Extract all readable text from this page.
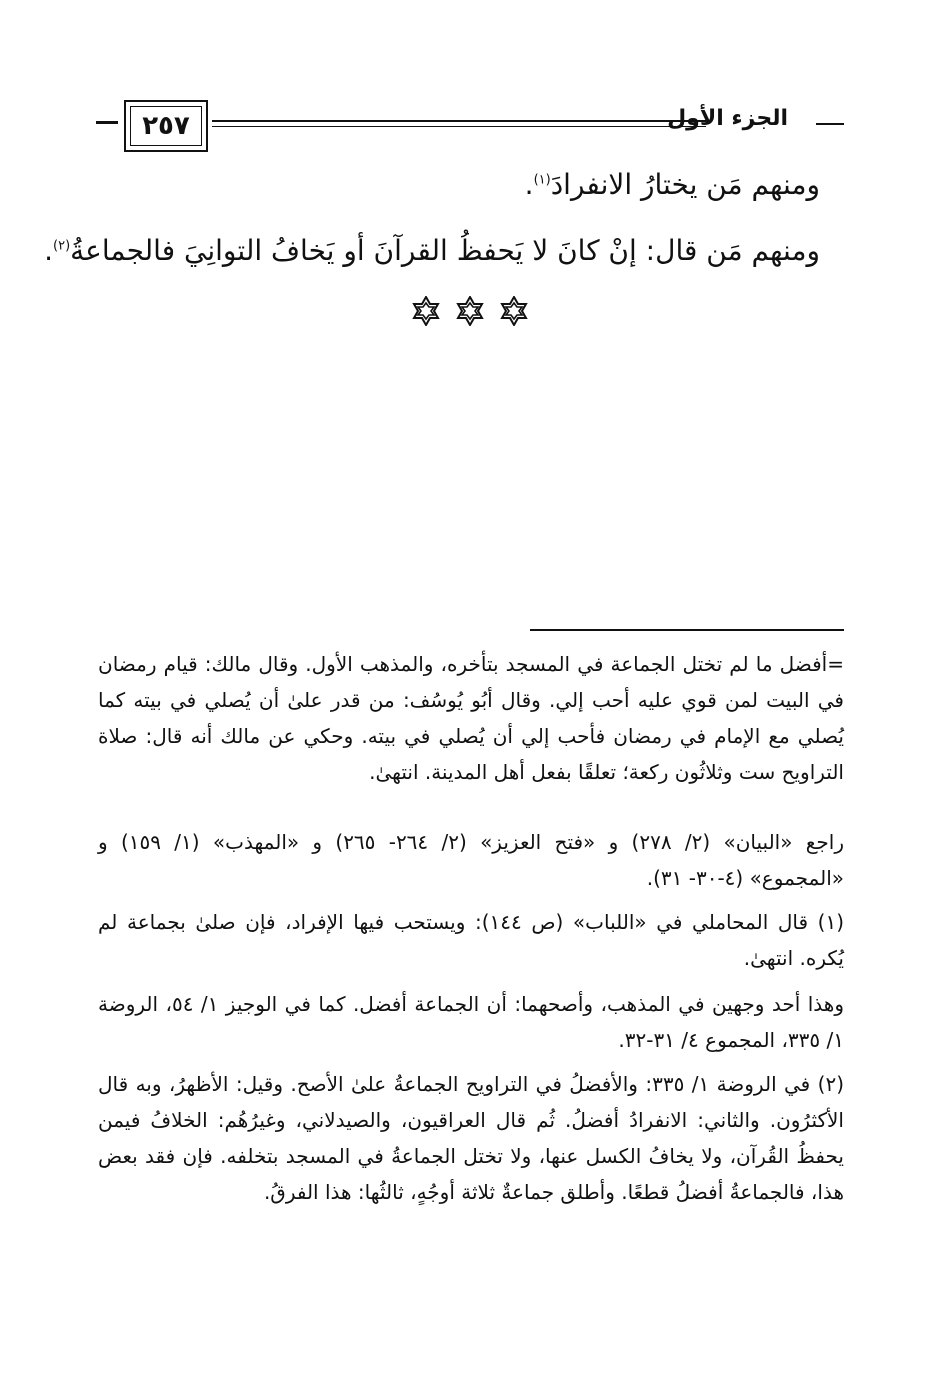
٢٥٧	الجزء الأول
ومنهم مَن يختارُ الانفرادَ$^{(١)}$.
ومنهم مَن قال: إنْ كانَ لا يَحفظُ القرآنَ أو يَخافُ التوانِيَ فالجماعةُ$^{(٢)}$.
=أفضل ما لم تختل الجماعة في المسجد بتأخره، والمذهب الأول. وقال مالك: قيام رمضان في البيت لمن قوي عليه أحب إلي. وقال أبُو يُوسُف: من قدر علىٰ أن يُصلي في بيته كما يُصلي مع الإمام في رمضان فأحب إلي أن يُصلي في بيته. وحكي عن مالك أنه قال: صلاة التراويح ست وثلاثُون ركعة؛ تعلقًا بفعل أهل المدينة. انتهىٰ.
راجع «البيان» (٢/ ٢٧٨) و «فتح العزيز» (٢/ ٢٦٤- ٢٦٥) و «المهذب» (١/ ١٥٩) و «المجموع» (٤-٣٠- ٣١).
(١) قال المحاملي في «اللباب» (ص ١٤٤): ويستحب فيها الإفراد، فإن صلىٰ بجماعة لم يُكره. انتهىٰ.
وهذا أحد وجهين في المذهب، وأصحهما: أن الجماعة أفضل. كما في الوجيز ١/ ٥٤، الروضة ١/ ٣٣٥، المجموع ٤/ ٣١-٣٢.
(٢) في الروضة ١/ ٣٣٥: والأفضلُ في التراويح الجماعةُ علىٰ الأصح. وقيل: الأظهرُ، وبه قال الأكثرُون. والثاني: الانفرادُ أفضلُ. ثُم قال العراقيون، والصيدلاني، وغيرُهُم: الخلافُ فيمن يحفظُ القُرآن، ولا يخافُ الكسل عنها، ولا تختل الجماعةُ في المسجد بتخلفه. فإن فقد بعض هذا، فالجماعةُ أفضلُ قطعًا. وأطلق جماعةٌ ثلاثة أوجُهٍ، ثالثُها: هذا الفرقُ.
